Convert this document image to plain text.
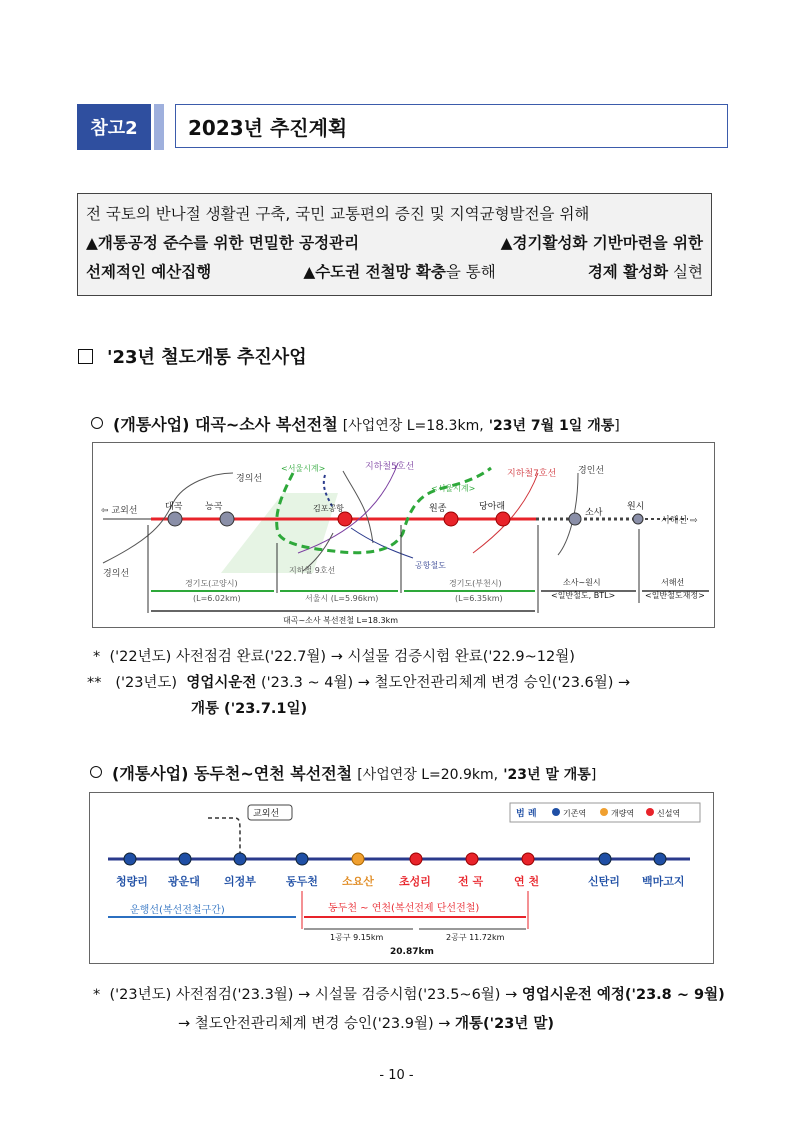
참고2	2023년 추진계획
전 국토의 반나절 생활권 구축, 국민 교통편의 증진 및 지역균형발전을 위해
▲개통공정 준수를 위한 면밀한 공정관리	▲경기활성화 기반마련을 위한
선제적인 예산집행	▲수도권 전철망 확충을 통해	경제 활성화 실현
'23년 철도개통 추진사업
(개통사업) 대곡~소사 복선전철 [사업연장 L=18.3km, '23년 7월 1일 개통]
⇦ 교외선
서해선 ⇨
경의선
경의선
<서울시계>
<서울시계>
지하철5호선
지하철7호선 경인선
지하철 9호선
공항철도
대곡	능곡	김포공항	원종	당아래
소사
원시
경기도(고양시)
(L=6.02km)	서울시 (L=5.96km)
경기도(부천시)
(L=6.35km)
소사~원시
<일반철도, BTL>
서해선
<일반철도재정>
대곡~소사 복선전철 L=18.3km
* ('22년도) 사전점검 완료('22.7월) → 시설물 검증시험 완료('22.9~12월)
** ('23년도) 영업시운전 ('23.3 ~ 4월) → 철도안전관리체계 변경 승인('23.6월) →
개통 ('23.7.1일)
(개통사업) 동두천~연천 복선전철 [사업연장 L=20.9km, '23년 말 개통]
교외선	범 례	기존역	개량역	신설역
청량리 광운대 의정부	동두천 소요산 초성리 전 곡	연 천	신탄리 백마고지
운행선(복선전철구간)	동두천 ~ 연천(복선전제 단선전철)
1공구 9.15km	2공구 11.72km
20.87km
* ('23년도) 사전점검('23.3월) → 시설물 검증시험('23.5~6월) → 영업시운전 예정('23.8 ~ 9월)
→ 철도안전관리체계 변경 승인('23.9월) → 개통('23년 말)
- 10 -
